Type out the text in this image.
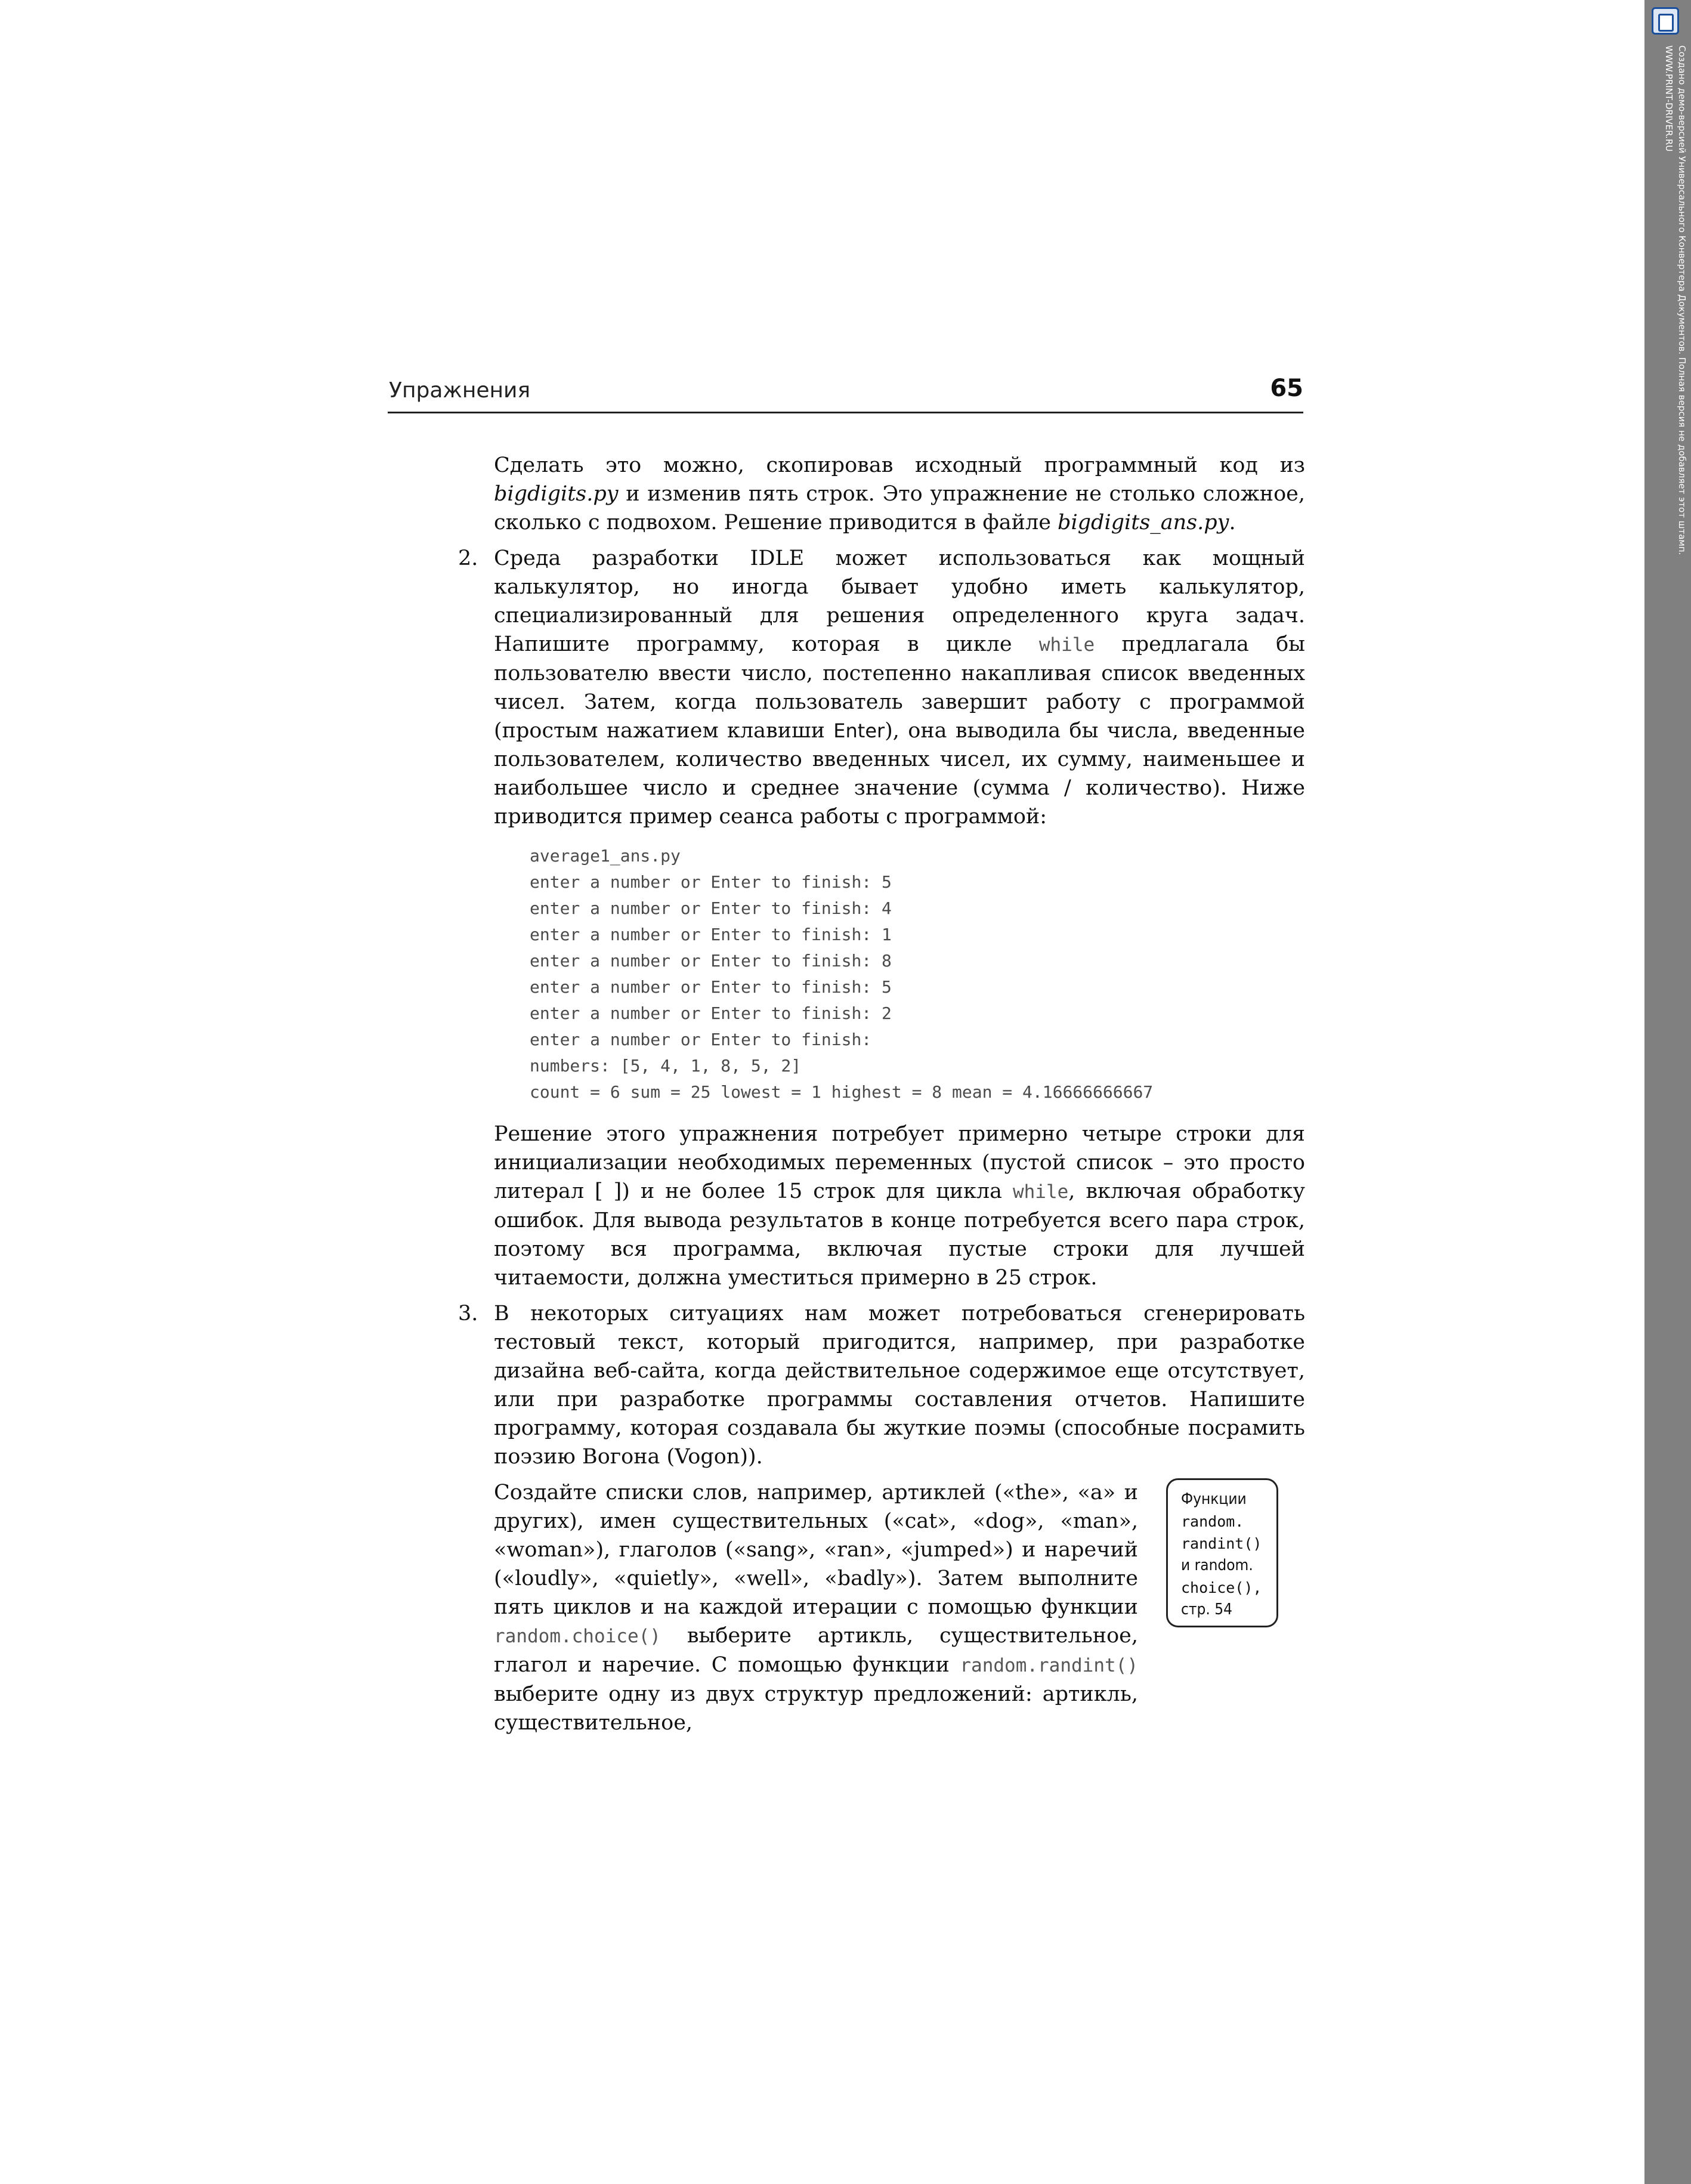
Упражнения	65

Сделать это можно, скопировав исходный программный код из bigdigits.py и изменив пять строк. Это упражнение не столько сложное, сколько с подвохом. Решение приводится в файле bigdigits_ans.py.

2. Среда разработки IDLE может использоваться как мощный калькулятор, но иногда бывает удобно иметь калькулятор, специализированный для решения определенного круга задач. Напишите программу, которая в цикле while предлагала бы пользователю ввести число, постепенно накапливая список введенных чисел. Затем, когда пользователь завершит работу с программой (простым нажатием клавиши Enter), она выводила бы числа, введенные пользователем, количество введенных чисел, их сумму, наименьшее и наибольшее число и среднее значение (сумма / количество). Ниже приводится пример сеанса работы с программой:

average1_ans.py
enter a number or Enter to finish: 5
enter a number or Enter to finish: 4
enter a number or Enter to finish: 1
enter a number or Enter to finish: 8
enter a number or Enter to finish: 5
enter a number or Enter to finish: 2
enter a number or Enter to finish:
numbers: [5, 4, 1, 8, 5, 2]
count = 6 sum = 25 lowest = 1 highest = 8 mean = 4.16666666667

Решение этого упражнения потребует примерно четыре строки для инициализации необходимых переменных (пустой список – это просто литерал [ ]) и не более 15 строк для цикла while, включая обработку ошибок. Для вывода результатов в конце потребуется всего пара строк, поэтому вся программа, включая пустые строки для лучшей читаемости, должна уместиться примерно в 25 строк.

3. В некоторых ситуациях нам может потребоваться сгенерировать тестовый текст, который пригодится, например, при разработке дизайна веб-сайта, когда действительное содержимое еще отсутствует, или при разработке программы составления отчетов. Напишите программу, которая создавала бы жуткие поэмы (способные посрамить поэзию Вогона (Vogon)).

Создайте списки слов, например, артиклей («the», «a» и других), имен существительных («cat», «dog», «man», «woman»), глаголов («sang», «ran», «jumped») и наречий («loudly», «quietly», «well», «badly»). Затем выполните пять циклов и на каждой итерации с помощью функции random.choice() выберите артикль, существительное, глагол и наречие. С помощью функции random.randint() выберите одну из двух структур предложений: артикль, существительное,

Функции
random.
randint()
и random.
choice(),
стр. 54
Создано демо-версией Универсального Конвертера Документов. Полная версия не добавляет этот штамп.
WWW.PRINT-DRIVER.RU
